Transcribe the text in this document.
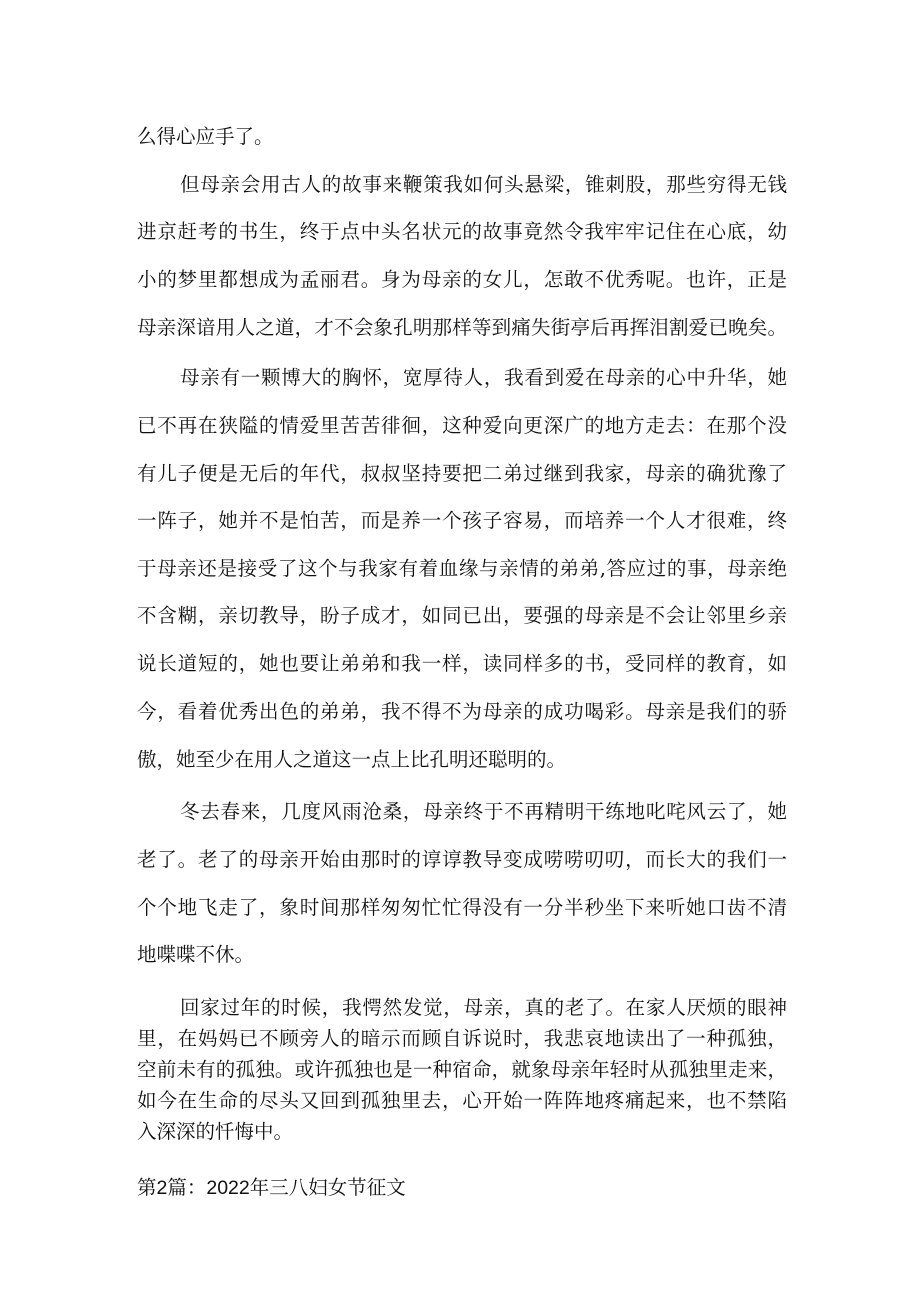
么得心应手了。
但母亲会用古人的故事来鞭策我如何头悬梁，锥刺股，那些穷得无钱
进京赶考的书生，终于点中头名状元的故事竟然令我牢牢记住在心底，幼
小的梦里都想成为孟丽君。身为母亲的女儿，怎敢不优秀呢。也许，正是
母亲深谙用人之道，才不会象孔明那样等到痛失街亭后再挥泪割爱已晚矣。
母亲有一颗博大的胸怀，宽厚待人，我看到爱在母亲的心中升华，她
已不再在狭隘的情爱里苦苦徘徊，这种爱向更深广的地方走去：在那个没
有儿子便是无后的年代，叔叔坚持要把二弟过继到我家，母亲的确犹豫了
一阵子，她并不是怕苦，而是养一个孩子容易，而培养一个人才很难，终
于母亲还是接受了这个与我家有着血缘与亲情的弟弟,答应过的事，母亲绝
不含糊，亲切教导，盼子成才，如同已出，要强的母亲是不会让邻里乡亲
说长道短的，她也要让弟弟和我一样，读同样多的书，受同样的教育，如
今，看着优秀出色的弟弟，我不得不为母亲的成功喝彩。母亲是我们的骄
傲，她至少在用人之道这一点上比孔明还聪明的。
冬去春来，几度风雨沧桑，母亲终于不再精明干练地叱咤风云了，她
老了。老了的母亲开始由那时的谆谆教导变成唠唠叨叨，而长大的我们一
个个地飞走了，象时间那样匆匆忙忙得没有一分半秒坐下来听她口齿不清
地喋喋不休。
回家过年的时候，我愕然发觉，母亲，真的老了。在家人厌烦的眼神
里，在妈妈已不顾旁人的暗示而顾自诉说时，我悲哀地读出了一种孤独，
空前未有的孤独。或许孤独也是一种宿命，就象母亲年轻时从孤独里走来，
如今在生命的尽头又回到孤独里去，心开始一阵阵地疼痛起来，也不禁陷
入深深的忏悔中。
第2篇：2022年三八妇女节征文
